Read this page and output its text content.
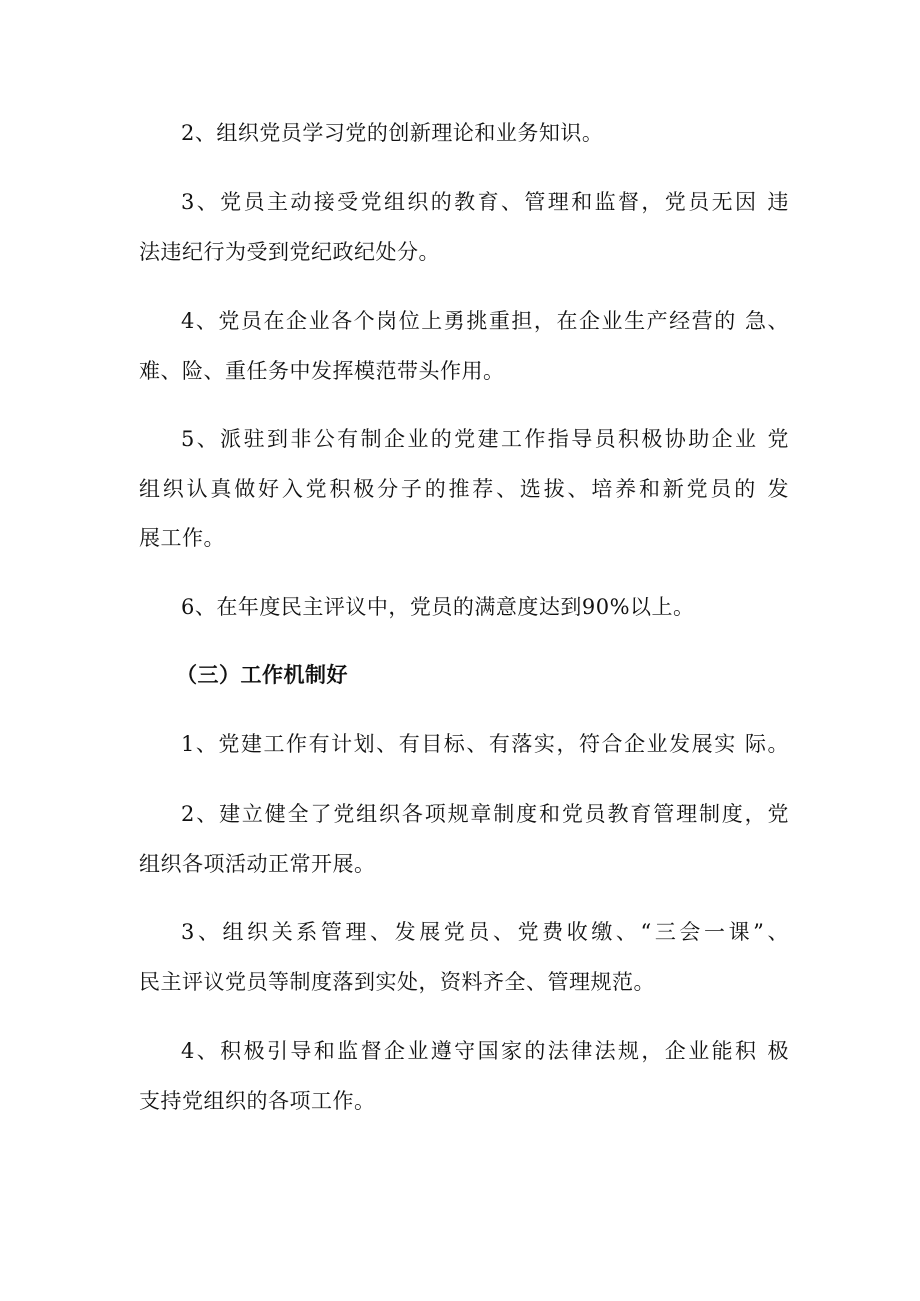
2、组织党员学习党的创新理论和业务知识。
3、党员主动接受党组织的教育、管理和监督，党员无因 违
法违纪行为受到党纪政纪处分。
4、党员在企业各个岗位上勇挑重担，在企业生产经营的 急、
难、险、重任务中发挥模范带头作用。
5、派驻到非公有制企业的党建工作指导员积极协助企业 党
组织认真做好入党积极分子的推荐、选拔、培养和新党员的 发
展工作。
6、在年度民主评议中，党员的满意度达到90%以上。
（三）工作机制好
1、党建工作有计划、有目标、有落实，符合企业发展实 际。
2、建立健全了党组织各项规章制度和党员教育管理制度，党
组织各项活动正常开展。
3、组织关系管理、发展党员、党费收缴、“三会一课”、
民主评议党员等制度落到实处，资料齐全、管理规范。
4、积极引导和监督企业遵守国家的法律法规，企业能积 极
支持党组织的各项工作。
